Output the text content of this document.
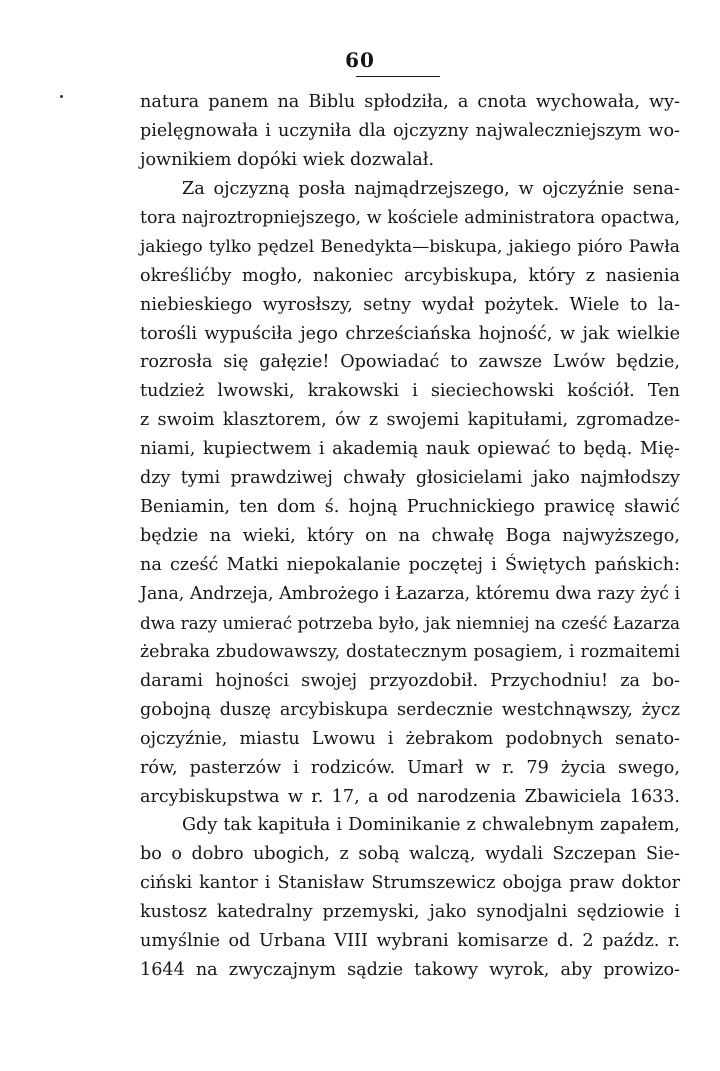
60
natura panem na Biblu spłodziła, a cnota wychowała, wy-
pielęgnowała i uczyniła dla ojczyzny najwaleczniejszym wo-
jownikiem dopóki wiek dozwalał.
Za ojczyzną posła najmądrzejszego, w ojczyźnie sena-
tora najroztropniejszego, w kościele administratora opactwa,
jakiego tylko pędzel Benedykta—biskupa, jakiego pióro Pawła
określićby mogło, nakoniec arcybiskupa, który z nasienia
niebieskiego wyrosłszy, setny wydał pożytek. Wiele to la-
torośli wypuściła jego chrześciańska hojność, w jak wielkie
rozrosła się gałęzie! Opowiadać to zawsze Lwów będzie,
tudzież lwowski, krakowski i sieciechowski kościół. Ten
z swoim klasztorem, ów z swojemi kapitułami, zgromadze-
niami, kupiectwem i akademią nauk opiewać to będą. Mię-
dzy tymi prawdziwej chwały głosicielami jako najmłodszy
Beniamin, ten dom ś. hojną Pruchnickiego prawicę sławić
będzie na wieki, który on na chwałę Boga najwyższego,
na cześć Matki niepokalanie poczętej i Świętych pańskich:
Jana, Andrzeja, Ambrożego i Łazarza, któremu dwa razy żyć i
dwa razy umierać potrzeba było, jak niemniej na cześć Łazarza
żebraka zbudowawszy, dostatecznym posagiem, i rozmaitemi
darami hojności swojej przyozdobił. Przychodniu! za bo-
gobojną duszę arcybiskupa serdecznie westchnąwszy, życz
ojczyźnie, miastu Lwowu i żebrakom podobnych senato-
rów, pasterzów i rodziców. Umarł w r. 79 życia swego,
arcybiskupstwa w r. 17, a od narodzenia Zbawiciela 1633.
Gdy tak kapituła i Dominikanie z chwalebnym zapałem,
bo o dobro ubogich, z sobą walczą, wydali Szczepan Sie-
ciński kantor i Stanisław Strumszewicz obojga praw doktor
kustosz katedralny przemyski, jako synodjalni sędziowie i
umyślnie od Urbana VIII wybrani komisarze d. 2 paźdz. r.
1644 na zwyczajnym sądzie takowy wyrok, aby prowizo-
